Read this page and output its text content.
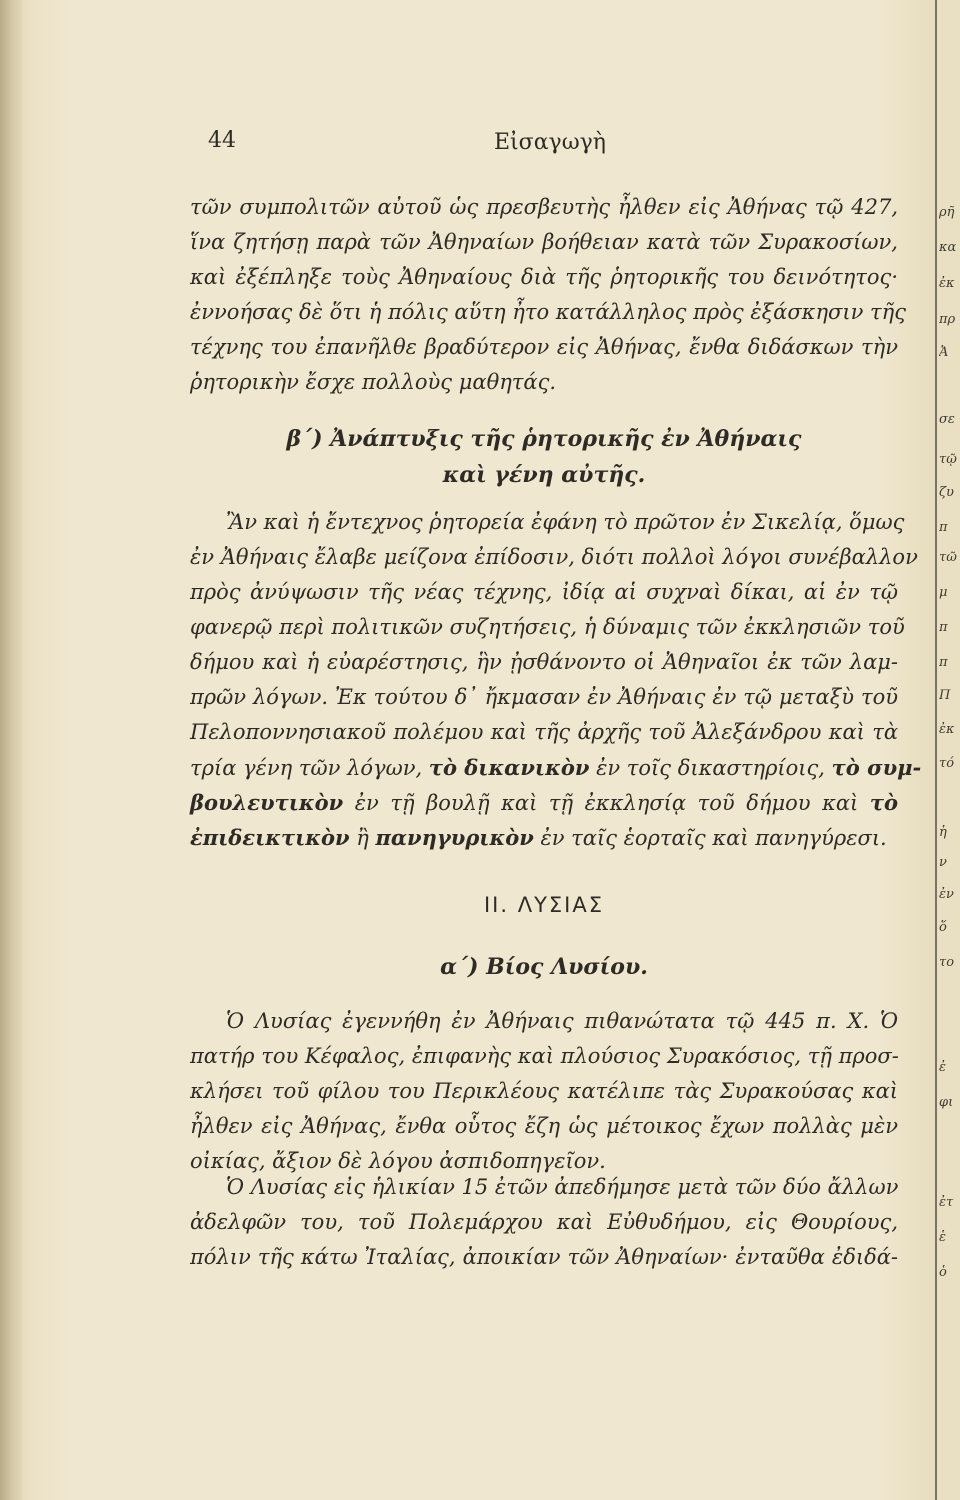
44	Εἰσαγωγὴ
τῶν συμπολιτῶν αὐτοῦ ὡς πρεσβευτὴς ἦλθεν εἰς Ἀθήνας τῷ 427,
ἵνα ζητήσῃ παρὰ τῶν Ἀθηναίων βοήθειαν κατὰ τῶν Συρακοσίων,
καὶ ἐξέπληξε τοὺς Ἀθηναίους διὰ τῆς ῥητορικῆς του δεινότητος·
ἐννοήσας δὲ ὅτι ἡ πόλις αὕτη ἦτο κατάλληλος πρὸς ἐξάσκησιν τῆς
τέχνης του ἐπανῆλθε βραδύτερον εἰς Ἀθήνας, ἔνθα διδάσκων τὴν
ῥητορικὴν ἔσχε πολλοὺς μαθητάς.
β΄) Ἀνάπτυξις τῆς ῥητορικῆς ἐν Ἀθήναις
καὶ γένη αὐτῆς.
Ἂν καὶ ἡ ἔντεχνος ῥητορεία ἐφάνη τὸ πρῶτον ἐν Σικελίᾳ, ὅμως
ἐν Ἀθήναις ἔλαβε μείζονα ἐπίδοσιν, διότι πολλοὶ λόγοι συνέβαλλον
πρὸς ἀνύψωσιν τῆς νέας τέχνης, ἰδίᾳ αἱ συχναὶ δίκαι, αἱ ἐν τῷ
φανερῷ περὶ πολιτικῶν συζητήσεις, ἡ δύναμις τῶν ἐκκλησιῶν τοῦ
δήμου καὶ ἡ εὐαρέστησις, ἣν ᾐσθάνοντο οἱ Ἀθηναῖοι ἐκ τῶν λαμ-
πρῶν λόγων. Ἐκ τούτου δ᾽ ἤκμασαν ἐν Ἀθήναις ἐν τῷ μεταξὺ τοῦ
Πελοποννησιακοῦ πολέμου καὶ τῆς ἀρχῆς τοῦ Ἀλεξάνδρου καὶ τὰ
τρία γένη τῶν λόγων, τὸ δικανικὸν ἐν τοῖς δικαστηρίοις, τὸ συμ-
βουλευτικὸν ἐν τῇ βουλῇ καὶ τῇ ἐκκλησίᾳ τοῦ δήμου καὶ τὸ
ἐπιδεικτικὸν ἢ πανηγυρικὸν ἐν ταῖς ἑορταῖς καὶ πανηγύρεσι.
II. ΛΥΣΙΑΣ
α΄) Βίος Λυσίου.
Ὁ Λυσίας ἐγεννήθη ἐν Ἀθήναις πιθανώτατα τῷ 445 π. Χ. Ὁ
πατήρ του Κέφαλος, ἐπιφανὴς καὶ πλούσιος Συρακόσιος, τῇ προσ-
κλήσει τοῦ φίλου του Περικλέους κατέλιπε τὰς Συρακούσας καὶ
ἦλθεν εἰς Ἀθήνας, ἔνθα οὗτος ἔζη ὡς μέτοικος ἔχων πολλὰς μὲν
οἰκίας, ἄξιον δὲ λόγου ἀσπιδοπηγεῖον.
Ὁ Λυσίας εἰς ἡλικίαν 15 ἐτῶν ἀπεδήμησε μετὰ τῶν δύο ἄλλων
ἀδελφῶν του, τοῦ Πολεμάρχου καὶ Εὐθυδήμου, εἰς Θουρίους,
πόλιν τῆς κάτω Ἰταλίας, ἀποικίαν τῶν Ἀθηναίων· ἐνταῦθα ἐδιδά-
ρῆ
κα
ἐκ
πρ
Ἀ
σε
τῷ
ζυ
π
τῶ
μ
π
π
Π
ἐκ
τό
ἡ
ν
ἐν
ὅ
το
ἐ
φι
ἐτ
ἑ
ὁ
